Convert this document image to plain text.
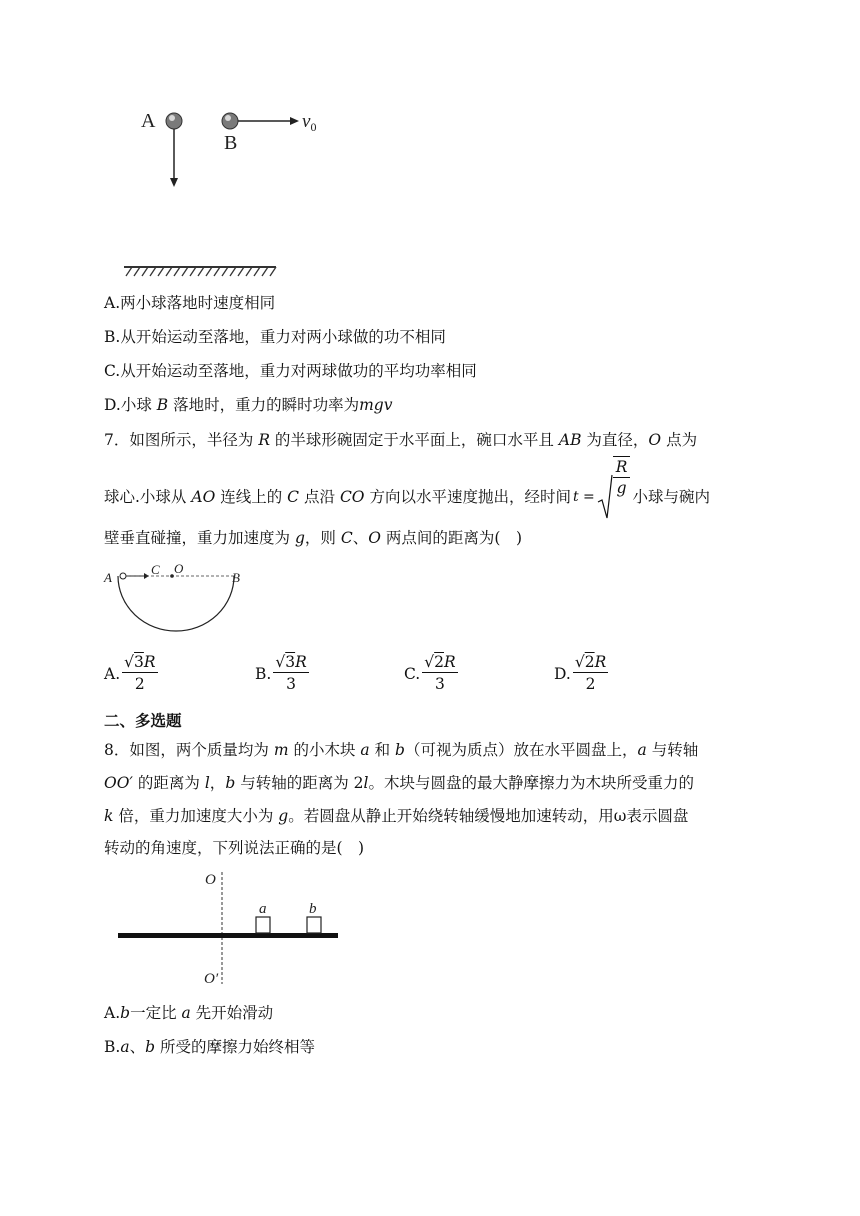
A
B
$v_0$
A.两小球落地时速度相同
B.从开始运动至落地，重力对两小球做的功不相同
C.从开始运动至落地，重力对两球做功的平均功率相同
D.小球 B 落地时，重力的瞬时功率为mgv
7．如图所示，半径为 R 的半球形碗固定于水平面上，碗口水平且 AB 为直径，O 点为
球心.小球从
AO
连线上的
C
点沿
CO
方向以水平速度抛出，经时间 t =
R
g 小球与碗内
壁垂直碰撞，重力加速度为 g，则 C、O 两点间的距离为(　)
A
C O
B
A. $\frac{√3R}{2}$	B. $\frac{√3R}{3}$	C. $\frac{√2R}{3}$	D. $\frac{√2R}{2}$
二、多选题
8．如图，两个质量均为 m 的小木块 a 和 b（可视为质点）放在水平圆盘上，a 与转轴
OO′ 的距离为 l，b 与转轴的距离为 2l。木块与圆盘的最大静摩擦力为木块所受重力的
k 倍，重力加速度大小为 g。若圆盘从静止开始绕转轴缓慢地加速转动，用ω表示圆盘
转动的角速度，下列说法正确的是(　)
O
a	b
O′
A.b一定比 a 先开始滑动
B.a、b 所受的摩擦力始终相等
